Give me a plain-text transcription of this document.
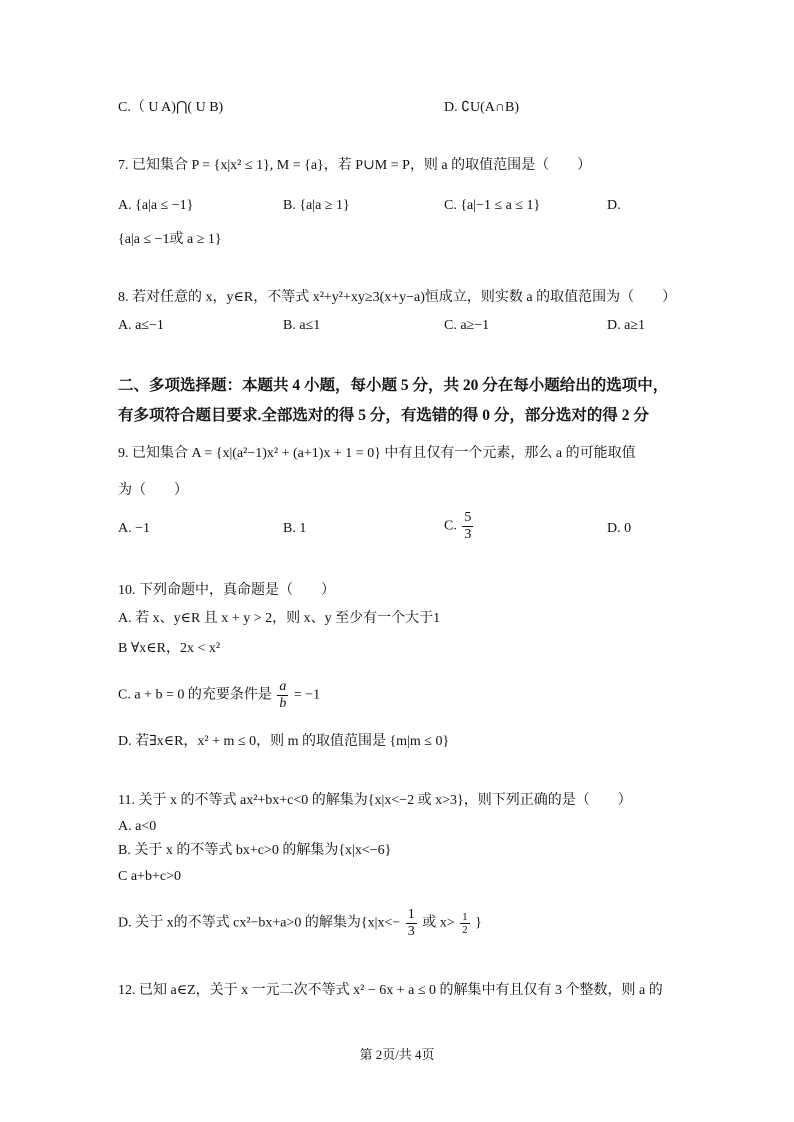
C.（ U A)⋂( U B)	D. ∁U(A∩B)
7. 已知集合 P = {x|x² ≤ 1}, M = {a}，若 P∪M = P，则 a 的取值范围是（　　）
A. {a|a ≤ −1}	B. {a|a ≥ 1}	C. {a|−1 ≤ a ≤ 1}	D.
{a|a ≤ −1或 a ≥ 1}
8. 若对任意的 x，y∈R，不等式 x²+y²+xy≥3(x+y−a)恒成立，则实数 a 的取值范围为（　　）
A. a≤−1	B. a≤1	C. a≥−1	D. a≥1
二、多项选择题：本题共 4 小题，每小题 5 分，共 20 分在每小题给出的选项中，
有多项符合题目要求.全部选对的得 5 分，有选错的得 0 分，部分选对的得 2 分
9. 已知集合 A = {x|(a²−1)x² + (a+1)x + 1 = 0} 中有且仅有一个元素，那么 a 的可能取值
为（　　）
A. −1	B. 1	C. $\frac{5}{3}$	D. 0
10. 下列命题中，真命题是（　　）
A. 若 x、y∈R 且 x + y > 2，则 x、y 至少有一个大于1
B ∀x∈R，2x < x²
C. a + b = 0 的充要条件是 $\frac{a}{b} = -1$
D. 若∃x∈R，x² + m ≤ 0，则 m 的取值范围是 {m|m ≤ 0}
11. 关于 x 的不等式 ax²+bx+c<0 的解集为{x|x<−2 或 x>3}，则下列正确的是（　　）
A. a<0
B. 关于 x 的不等式 bx+c>0 的解集为{x|x<−6}
C a+b+c>0
D. 关于 x的不等式 cx²−bx+a>0 的解集为{$x|x<- \frac{1}{3}$ 或 $x> \frac{1}{2}$ }
12. 已知 a∈Z，关于 x 一元二次不等式 x² − 6x + a ≤ 0 的解集中有且仅有 3 个整数，则 a 的
第 2页/共 4页
